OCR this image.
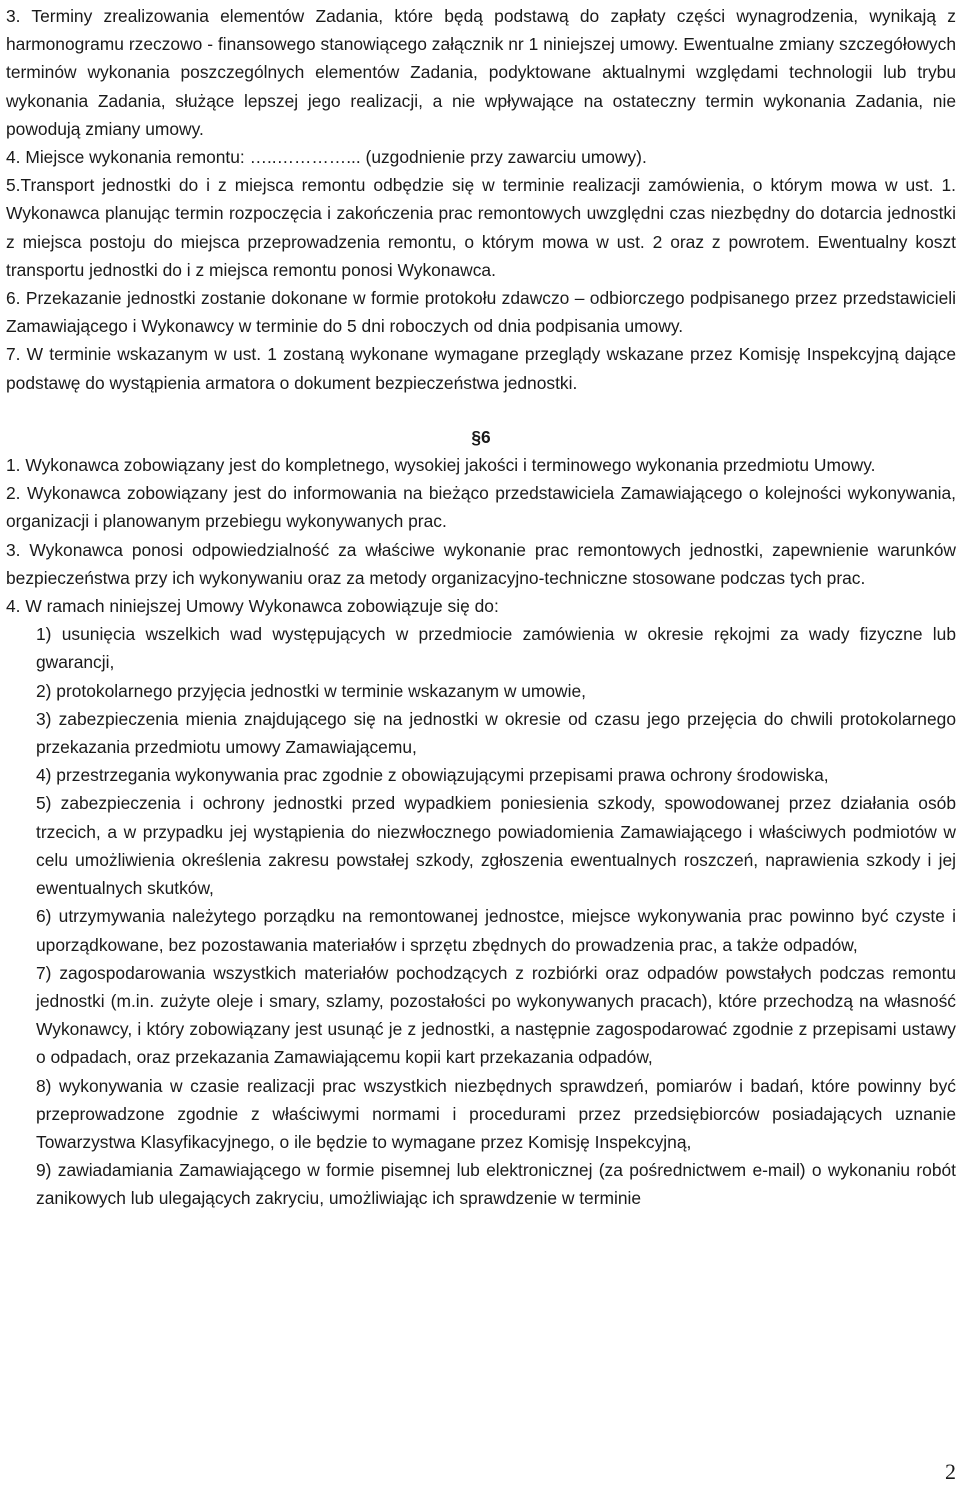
3. Terminy zrealizowania elementów Zadania, które będą podstawą do zapłaty części wynagrodzenia, wynikają z harmonogramu rzeczowo - finansowego stanowiącego załącznik nr 1 niniejszej umowy. Ewentualne zmiany szczegółowych terminów wykonania poszczególnych elementów Zadania, podyktowane aktualnymi względami technologii lub trybu wykonania Zadania, służące lepszej jego realizacji, a nie wpływające na ostateczny termin wykonania Zadania, nie powodują zmiany umowy.

4. Miejsce wykonania remontu: …..…………... (uzgodnienie przy zawarciu umowy).

5.Transport jednostki do i z miejsca remontu odbędzie się w terminie realizacji zamówienia, o którym mowa w ust. 1. Wykonawca planując termin rozpoczęcia i zakończenia prac remontowych uwzględni czas niezbędny do dotarcia jednostki z miejsca postoju do miejsca przeprowadzenia remontu, o którym mowa w ust. 2 oraz z powrotem. Ewentualny koszt transportu jednostki do i z miejsca remontu ponosi Wykonawca.

6. Przekazanie jednostki zostanie dokonane w formie protokołu zdawczo – odbiorczego podpisanego przez przedstawicieli Zamawiającego i Wykonawcy w terminie do 5 dni roboczych od dnia podpisania umowy.

7. W terminie wskazanym w ust. 1 zostaną wykonane wymagane przeglądy wskazane przez Komisję Inspekcyjną dające podstawę do wystąpienia armatora o dokument bezpieczeństwa jednostki.

§6

1. Wykonawca zobowiązany jest do kompletnego, wysokiej jakości i terminowego wykonania przedmiotu Umowy.

2. Wykonawca zobowiązany jest do informowania na bieżąco przedstawiciela Zamawiającego o kolejności wykonywania, organizacji i planowanym przebiegu wykonywanych prac.

3. Wykonawca ponosi odpowiedzialność za właściwe wykonanie prac remontowych jednostki, zapewnienie warunków bezpieczeństwa przy ich wykonywaniu oraz za metody organizacyjno-techniczne stosowane podczas tych prac.

4. W ramach niniejszej Umowy Wykonawca zobowiązuje się do:

1) usunięcia wszelkich wad występujących w przedmiocie zamówienia w okresie rękojmi za wady fizyczne lub gwarancji,

2) protokolarnego przyjęcia jednostki w terminie wskazanym w umowie,

3) zabezpieczenia mienia znajdującego się na jednostki w okresie od czasu jego przejęcia do chwili protokolarnego przekazania przedmiotu umowy Zamawiającemu,

4) przestrzegania wykonywania prac zgodnie z obowiązującymi przepisami prawa ochrony środowiska,

5) zabezpieczenia i ochrony jednostki przed wypadkiem poniesienia szkody, spowodowanej przez działania osób trzecich, a w przypadku jej wystąpienia do niezwłocznego powiadomienia Zamawiającego i właściwych podmiotów w celu umożliwienia określenia zakresu powstałej szkody, zgłoszenia ewentualnych roszczeń, naprawienia szkody i jej ewentualnych skutków,

6) utrzymywania należytego porządku na remontowanej jednostce, miejsce wykonywania prac powinno być czyste i uporządkowane, bez pozostawania materiałów i sprzętu zbędnych do prowadzenia prac, a także odpadów,

7) zagospodarowania wszystkich materiałów pochodzących z rozbiórki oraz odpadów powstałych podczas remontu jednostki (m.in. zużyte oleje i smary, szlamy, pozostałości po wykonywanych pracach), które przechodzą na własność Wykonawcy, i który zobowiązany jest usunąć je z jednostki, a następnie zagospodarować zgodnie z przepisami ustawy o odpadach, oraz przekazania Zamawiającemu kopii kart przekazania odpadów,

8) wykonywania w czasie realizacji prac wszystkich niezbędnych sprawdzeń, pomiarów i badań, które powinny być przeprowadzone zgodnie z właściwymi normami i procedurami przez przedsiębiorców posiadających uznanie Towarzystwa Klasyfikacyjnego, o ile będzie to wymagane przez Komisję Inspekcyjną,

9) zawiadamiania Zamawiającego w formie pisemnej lub elektronicznej (za pośrednictwem e-mail) o wykonaniu robót zanikowych lub ulegających zakryciu, umożliwiając ich sprawdzenie w terminie

2
